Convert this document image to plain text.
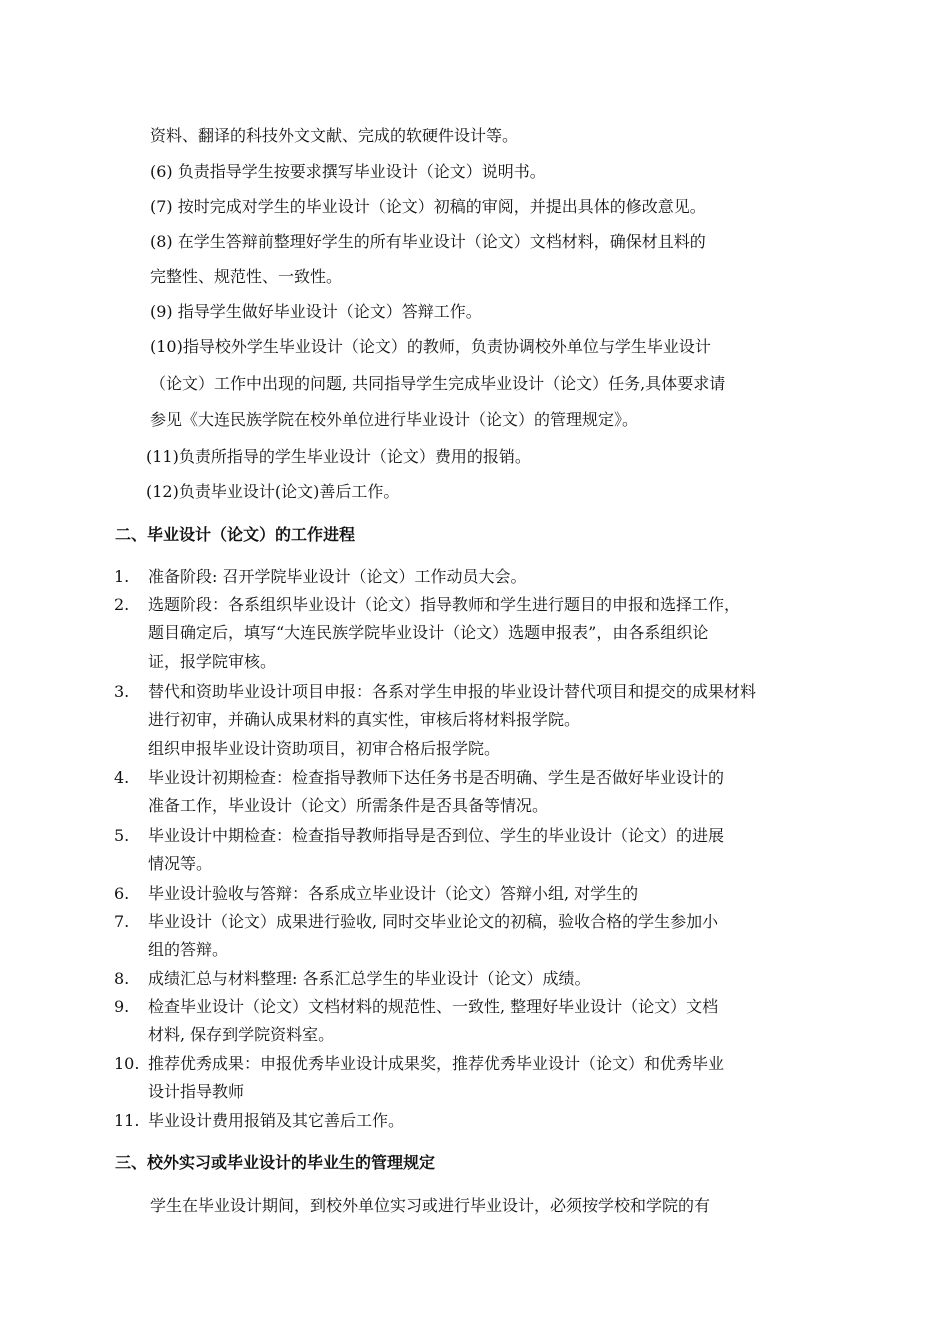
资料、翻译的科技外文文献、完成的软硬件设计等。
(6) 负责指导学生按要求撰写毕业设计（论文）说明书。
(7) 按时完成对学生的毕业设计（论文）初稿的审阅，并提出具体的修改意见。
(8) 在学生答辩前整理好学生的所有毕业设计（论文）文档材料，确保材且料的
完整性、规范性、一致性。
(9) 指导学生做好毕业设计（论文）答辩工作。
(10)指导校外学生毕业设计（论文）的教师，负责协调校外单位与学生毕业设计
（论文）工作中出现的问题, 共同指导学生完成毕业设计（论文）任务,具体要求请
参见《大连民族学院在校外单位进行毕业设计（论文）的管理规定》。
(11)负责所指导的学生毕业设计（论文）费用的报销。
(12)负责毕业设计(论文)善后工作。
二、毕业设计（论文）的工作进程
1. 准备阶段: 召开学院毕业设计（论文）工作动员大会。
2. 选题阶段：各系组织毕业设计（论文）指导教师和学生进行题目的申报和选择工作，
题目确定后，填写“大连民族学院毕业设计（论文）选题申报表”，由各系组织论
证，报学院审核。
3. 替代和资助毕业设计项目申报：各系对学生申报的毕业设计替代项目和提交的成果材料
进行初审，并确认成果材料的真实性，审核后将材料报学院。
组织申报毕业设计资助项目，初审合格后报学院。
4. 毕业设计初期检查：检查指导教师下达任务书是否明确、学生是否做好毕业设计的
准备工作，毕业设计（论文）所需条件是否具备等情况。
5. 毕业设计中期检查：检查指导教师指导是否到位、学生的毕业设计（论文）的进展
情况等。
6. 毕业设计验收与答辩：各系成立毕业设计（论文）答辩小组, 对学生的
7. 毕业设计（论文）成果进行验收, 同时交毕业论文的初稿，验收合格的学生参加小
组的答辩。
8. 成绩汇总与材料整理: 各系汇总学生的毕业设计（论文）成绩。
9. 检查毕业设计（论文）文档材料的规范性、一致性, 整理好毕业设计（论文）文档
材料, 保存到学院资料室。
10. 推荐优秀成果：申报优秀毕业设计成果奖，推荐优秀毕业设计（论文）和优秀毕业
设计指导教师
11. 毕业设计费用报销及其它善后工作。
三、校外实习或毕业设计的毕业生的管理规定
学生在毕业设计期间，到校外单位实习或进行毕业设计，必须按学校和学院的有
